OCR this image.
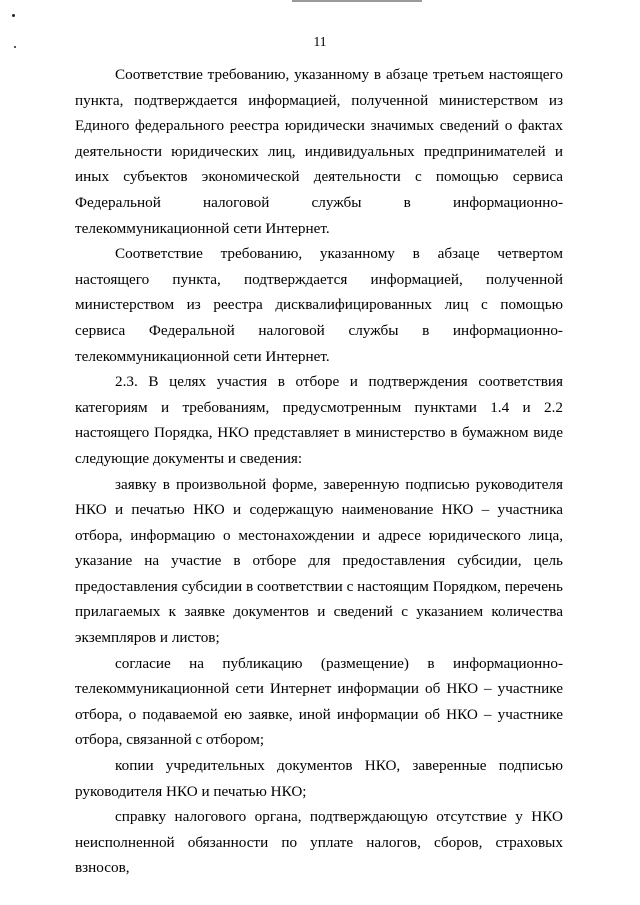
11

Соответствие требованию, указанному в абзаце третьем настоящего пункта, подтверждается информацией, полученной министерством из Единого федерального реестра юридически значимых сведений о фактах деятельности юридических лиц, индивидуальных предпринимателей и иных субъектов экономической деятельности с помощью сервиса Федеральной налоговой службы в информационно-телекоммуникационной сети Интернет.

Соответствие требованию, указанному в абзаце четвертом настоящего пункта, подтверждается информацией, полученной министерством из реестра дисквалифицированных лиц с помощью сервиса Федеральной налоговой службы в информационно-телекоммуникационной сети Интернет.

2.3. В целях участия в отборе и подтверждения соответствия категориям и требованиям, предусмотренным пунктами 1.4 и 2.2 настоящего Порядка, НКО представляет в министерство в бумажном виде следующие документы и сведения:

заявку в произвольной форме, заверенную подписью руководителя НКО и печатью НКО и содержащую наименование НКО – участника отбора, информацию о местонахождении и адресе юридического лица, указание на участие в отборе для предоставления субсидии, цель предоставления субсидии в соответствии с настоящим Порядком, перечень прилагаемых к заявке документов и сведений с указанием количества экземпляров и листов;

согласие на публикацию (размещение) в информационно-телекоммуникационной сети Интернет информации об НКО – участнике отбора, о подаваемой ею заявке, иной информации об НКО – участнике отбора, связанной с отбором;

копии учредительных документов НКО, заверенные подписью руководителя НКО и печатью НКО;

справку налогового органа, подтверждающую отсутствие у НКО неисполненной обязанности по уплате налогов, сборов, страховых взносов,
